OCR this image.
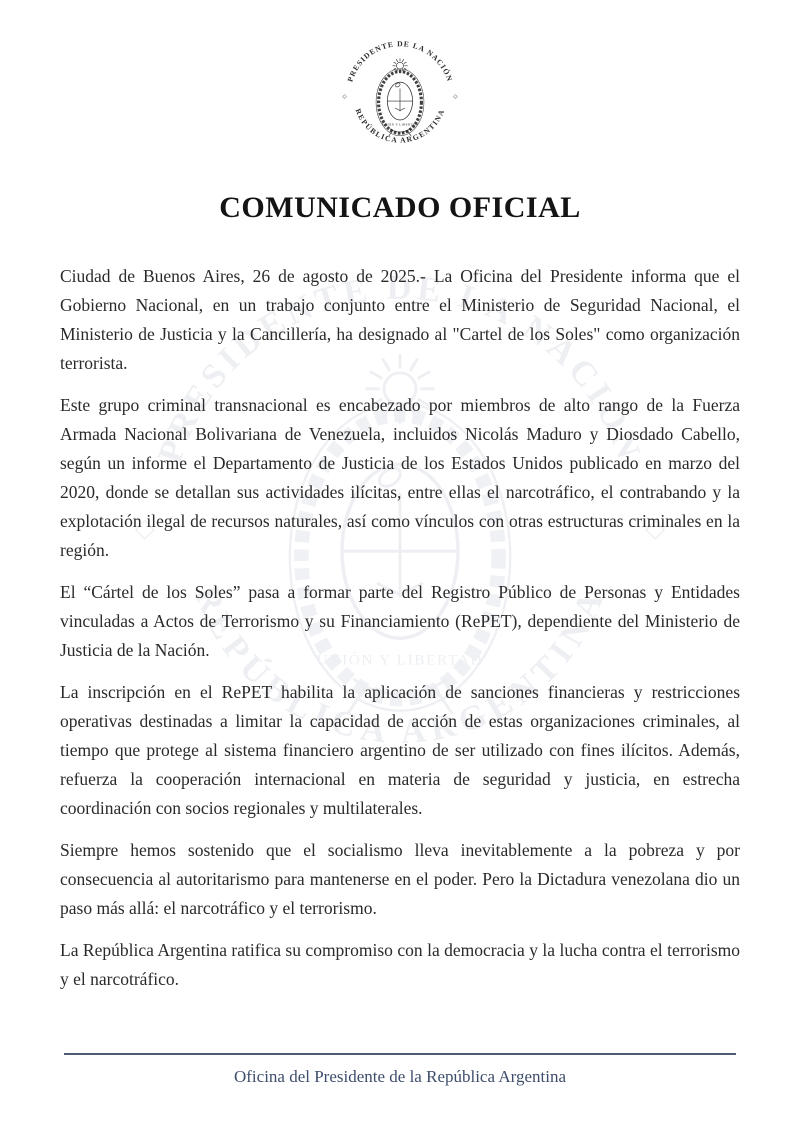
COMUNICADO OFICIAL

Ciudad de Buenos Aires, 26 de agosto de 2025.- La Oficina del Presidente informa que el Gobierno Nacional, en un trabajo conjunto entre el Ministerio de Seguridad Nacional, el Ministerio de Justicia y la Cancillería, ha designado al "Cartel de los Soles" como organización terrorista.

Este grupo criminal transnacional es encabezado por miembros de alto rango de la Fuerza Armada Nacional Bolivariana de Venezuela, incluidos Nicolás Maduro y Diosdado Cabello, según un informe el Departamento de Justicia de los Estados Unidos publicado en marzo del 2020, donde se detallan sus actividades ilícitas, entre ellas el narcotráfico, el contrabando y la explotación ilegal de recursos naturales, así como vínculos con otras estructuras criminales en la región.

El “Cártel de los Soles” pasa a formar parte del Registro Público de Personas y Entidades vinculadas a Actos de Terrorismo y su Financiamiento (RePET), dependiente del Ministerio de Justicia de la Nación.

La inscripción en el RePET habilita la aplicación de sanciones financieras y restricciones operativas destinadas a limitar la capacidad de acción de estas organizaciones criminales, al tiempo que protege al sistema financiero argentino de ser utilizado con fines ilícitos. Además, refuerza la cooperación internacional en materia de seguridad y justicia, en estrecha coordinación con socios regionales y multilaterales.

Siempre hemos sostenido que el socialismo lleva inevitablemente a la pobreza y por consecuencia al autoritarismo para mantenerse en el poder. Pero la Dictadura venezolana dio un paso más allá: el narcotráfico y el terrorismo.

La República Argentina ratifica su compromiso con la democracia y la lucha contra el terrorismo y el narcotráfico.

Oficina del Presidente de la República Argentina
